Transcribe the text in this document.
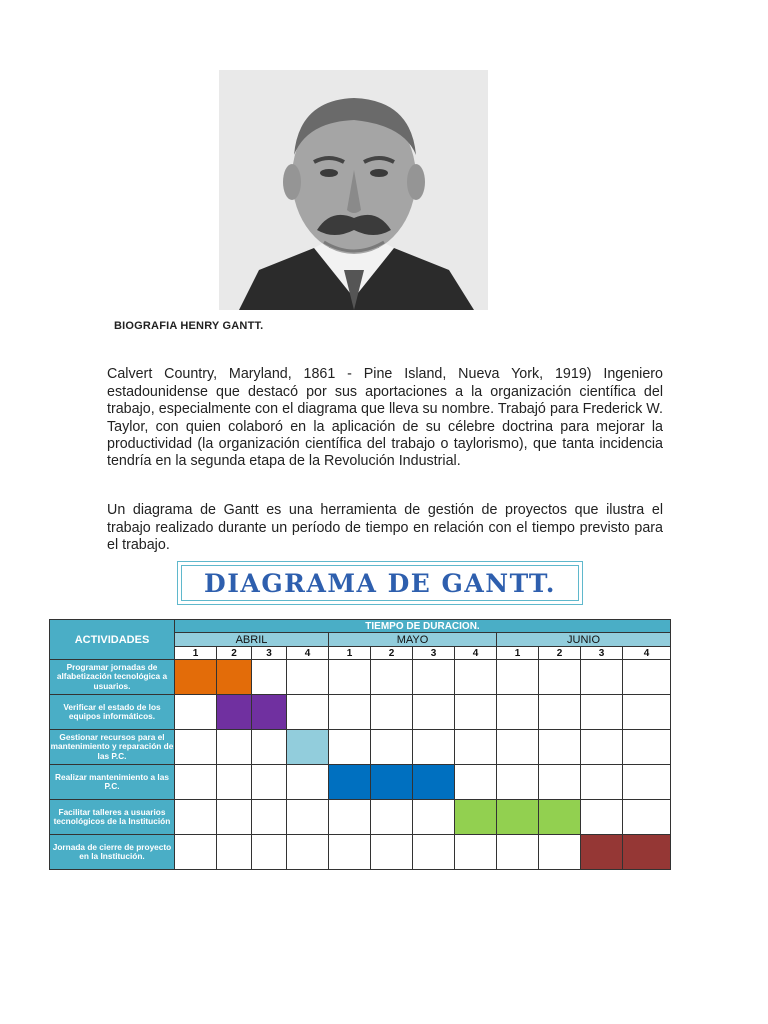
BIOGRAFIA HENRY GANTT.

Calvert Country, Maryland, 1861 - Pine Island, Nueva York, 1919) Ingeniero estadounidense que destacó por sus aportaciones a la organización científica del trabajo, especialmente con el diagrama que lleva su nombre. Trabajó para Frederick W. Taylor, con quien colaboró en la aplicación de su célebre doctrina para mejorar la productividad (la organización científica del trabajo o taylorismo), que tanta incidencia tendría en la segunda etapa de la Revolución Industrial.

Un diagrama de Gantt es una herramienta de gestión de proyectos que ilustra el trabajo realizado durante un período de tiempo en relación con el tiempo previsto para el trabajo.

DIAGRAMA DE GANTT.
ACTIVIDADES	TIEMPO DE DURACION.											
	ABRIL				MAYO				JUNIO			
	1	2	3	4	1	2	3	4	1	2	3	4
Programar jornadas de alfabetización tecnológica a usuarios.												
Verificar el estado de los equipos informáticos.												
Gestionar recursos para el mantenimiento y reparación de las P.C.												
Realizar mantenimiento a las P.C.												
Facilitar talleres a usuarios tecnológicos de la Institución												
Jornada de cierre de proyecto en la Institución.												
